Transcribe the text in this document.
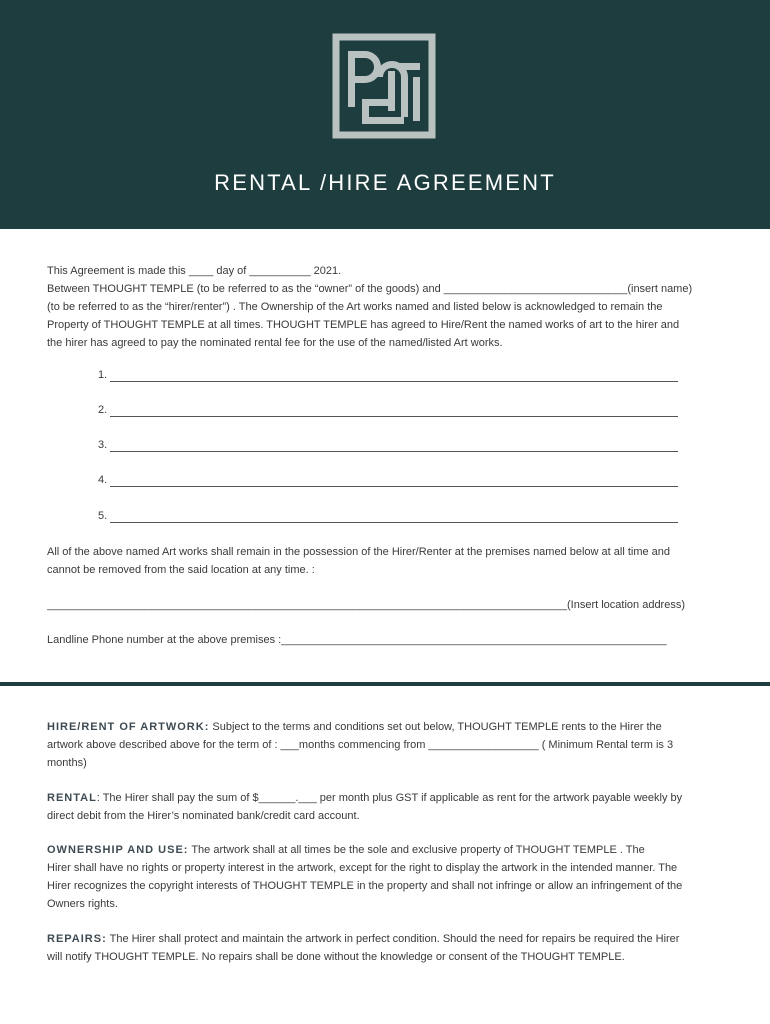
RENTAL /HIRE AGREEMENT

This Agreement is made this ____ day of __________ 2021.

Between THOUGHT TEMPLE (to be referred to as the “owner” of the goods) and ______________________________(insert name)

(to be referred to as the “hirer/renter”) . The Ownership of the Art works named and listed below is acknowledged to remain the

Property of THOUGHT TEMPLE at all times. THOUGHT TEMPLE has agreed to Hire/Rent the named works of art to the hirer and

the hirer has agreed to pay the nominated rental fee for the use of the named/listed Art works.

1.
2.
3.
4.
5.

All of the above named Art works shall remain in the possession of the Hirer/Renter at the premises named below at all time and

cannot be removed from the said location at any time. :

_____________________________________________________________________________________(Insert location address)

Landline Phone number at the above premises :_______________________________________________________________

HIRE/RENT OF ARTWORK: Subject to the terms and conditions set out below, THOUGHT TEMPLE rents to the Hirer the

artwork above described above for the term of : ___months commencing from __________________ ( Minimum Rental term is 3

months)

RENTAL: The Hirer shall pay the sum of $______.___ per month plus GST if applicable as rent for the artwork payable weekly by

direct debit from the Hirer’s nominated bank/credit card account.

OWNERSHIP AND USE: The artwork shall at all times be the sole and exclusive property of THOUGHT TEMPLE . The

Hirer shall have no rights or property interest in the artwork, except for the right to display the artwork in the intended manner. The

Hirer recognizes the copyright interests of THOUGHT TEMPLE in the property and shall not infringe or allow an infringement of the

Owners rights.

REPAIRS: The Hirer shall protect and maintain the artwork in perfect condition. Should the need for repairs be required the Hirer

will notify THOUGHT TEMPLE. No repairs shall be done without the knowledge or consent of the THOUGHT TEMPLE.
